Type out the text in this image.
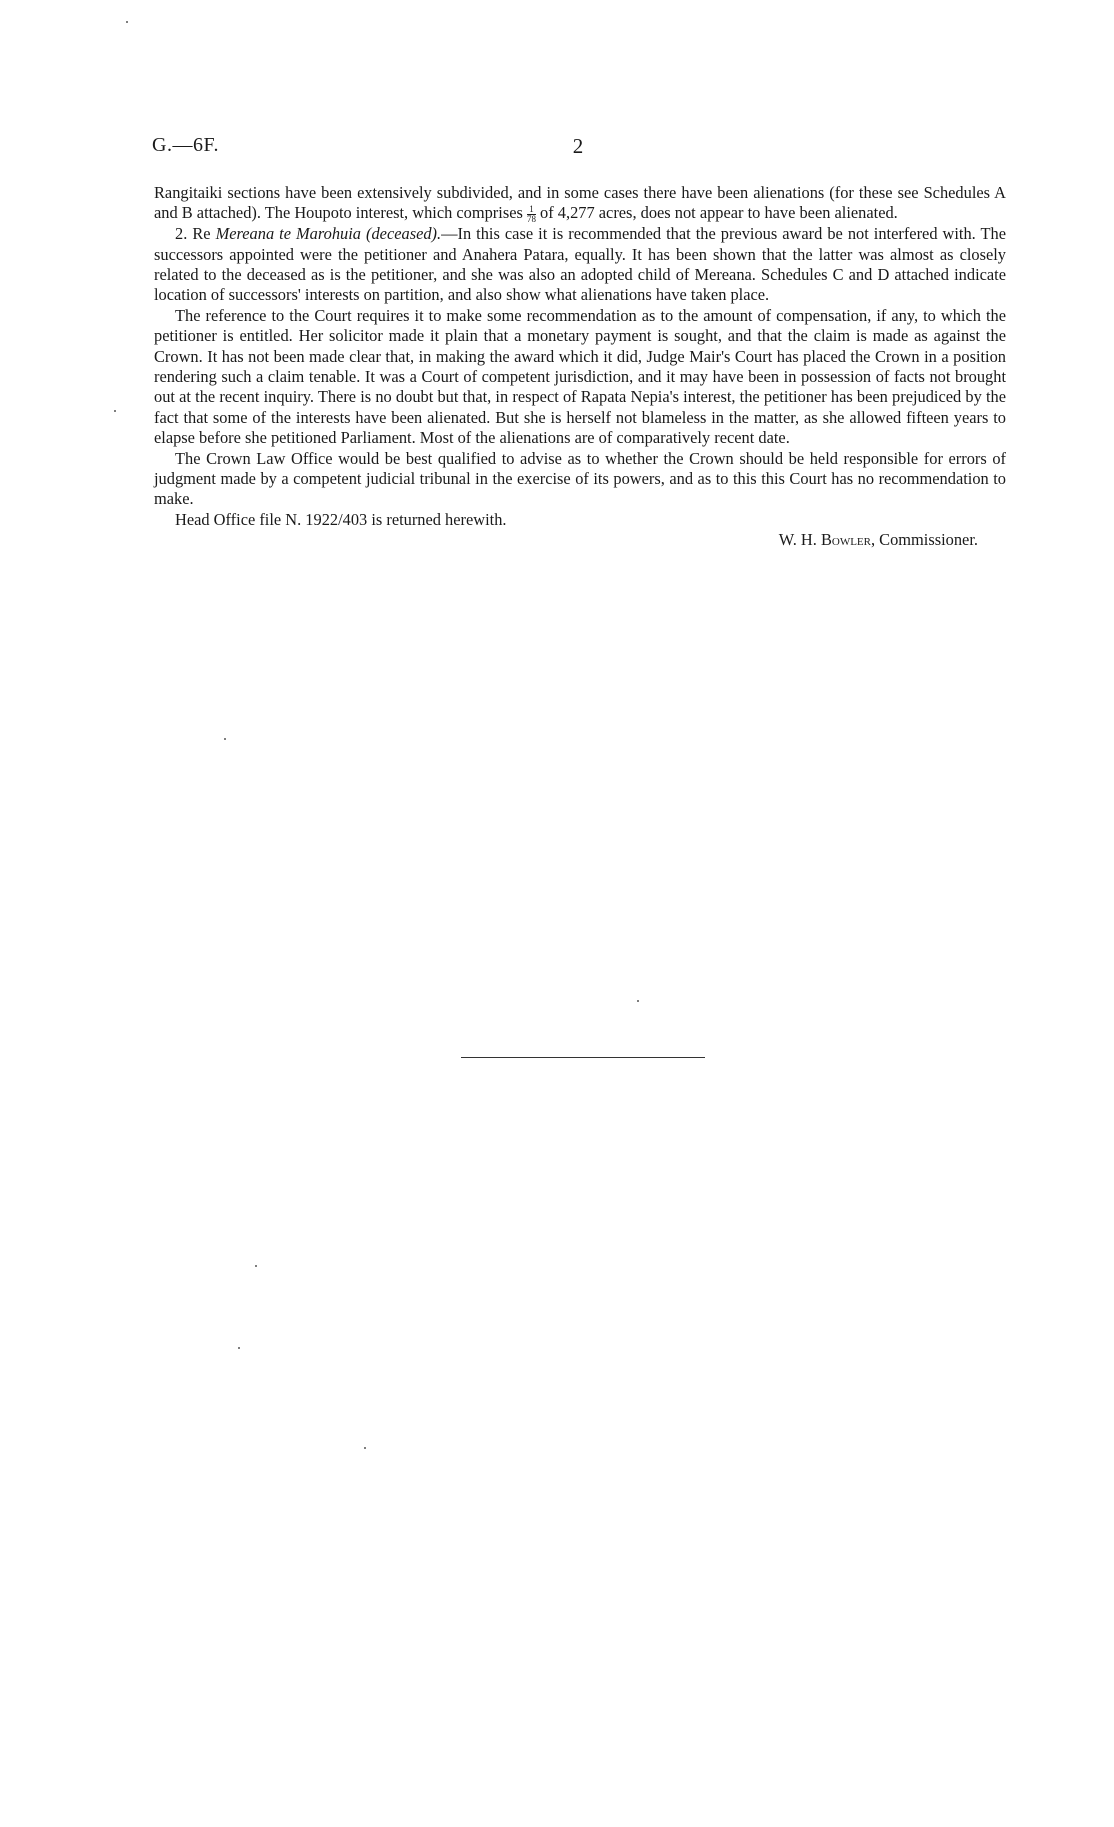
G.—6F.	2

Rangitaiki sections have been extensively subdivided, and in some cases there have been alienations (for these see Schedules A and B attached). The Houpoto interest, which comprises $\frac{1}{78}$ of 4,277 acres, does not appear to have been alienated.

2. Re Mereana te Marohuia (deceased).—In this case it is recommended that the previous award be not interfered with. The successors appointed were the petitioner and Anahera Patara, equally. It has been shown that the latter was almost as closely related to the deceased as is the petitioner, and she was also an adopted child of Mereana. Schedules C and D attached indicate location of successors' interests on partition, and also show what alienations have taken place.

The reference to the Court requires it to make some recommendation as to the amount of compensation, if any, to which the petitioner is entitled. Her solicitor made it plain that a monetary payment is sought, and that the claim is made as against the Crown. It has not been made clear that, in making the award which it did, Judge Mair's Court has placed the Crown in a position rendering such a claim tenable. It was a Court of competent jurisdiction, and it may have been in possession of facts not brought out at the recent inquiry. There is no doubt but that, in respect of Rapata Nepia's interest, the petitioner has been prejudiced by the fact that some of the interests have been alienated. But she is herself not blameless in the matter, as she allowed fifteen years to elapse before she petitioned Parliament. Most of the alienations are of comparatively recent date.

The Crown Law Office would be best qualified to advise as to whether the Crown should be held responsible for errors of judgment made by a competent judicial tribunal in the exercise of its powers, and as to this this Court has no recommendation to make.

Head Office file N. 1922/403 is returned herewith.

W. H. Bowler, Commissioner.
